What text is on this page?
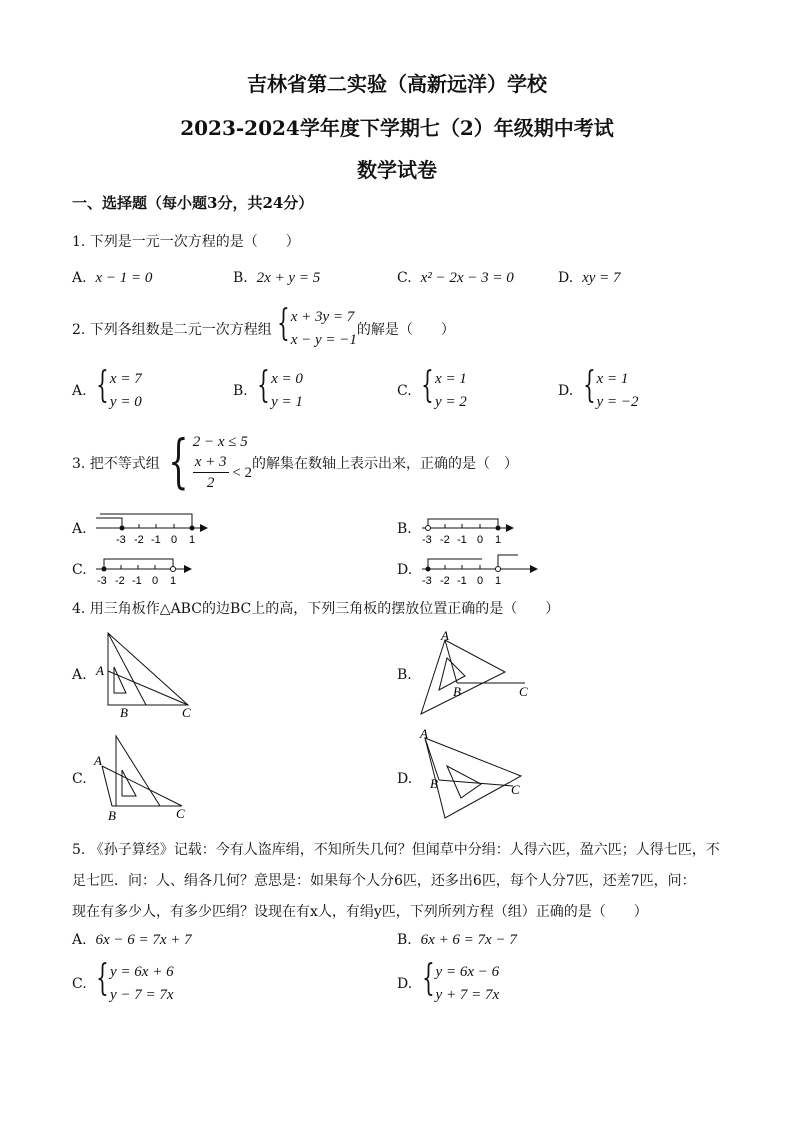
吉林省第二实验（高新远洋）学校
2023-2024学年度下学期七（2）年级期中考试
数学试卷
一、选择题（每小题3分，共24分）
1. 下列是一元一次方程的是（　　）
A. x − 1 = 0	B. 2x + y = 5	C. x² − 2x − 3 = 0	D. xy = 7
2. 下列各组数是二元一次方程组 { x + 3y = 7
x − y = −1
的解是（　　）
A.
{ x = 7
y = 0
B.
{ x = 0
y = 1
C.
{ x = 1
y = 2
D.
{ x = 1
y = −2
3. 把不等式组 { 2 − x ≤ 5
x + 3
2

< 2
的解集在数轴上表示出来，正确的是（　）
A.
-3 -2 -1 0 1
B.
-3 -2 -1 0 1
C.
-3 -2 -1 0 1
D.
-3 -2 -1 0 1
4. 用三角板作△ABC的边BC上的高，下列三角板的摆放位置正确的是（　　）
A. A
B	C
B.
A
B	C
C.
A
B	C
D.
A
B	C
5. 《孙子算经》记载：今有人盗库绢，不知所失几何？但闻草中分绢：人得六匹，盈六匹；人得七匹，不
足七匹．问：人、绢各几何？意思是：如果每个人分6匹，还多出6匹，每个人分7匹，还差7匹，问：
现在有多少人，有多少匹绢？设现在有x人，有绢y匹，下列所列方程（组）正确的是（　　）
A. 6x − 6 = 7x + 7	B. 6x + 6 = 7x − 7
C.
{ y = 6x + 6
y − 7 = 7x
D.
{ y = 6x − 6
y + 7 = 7x
